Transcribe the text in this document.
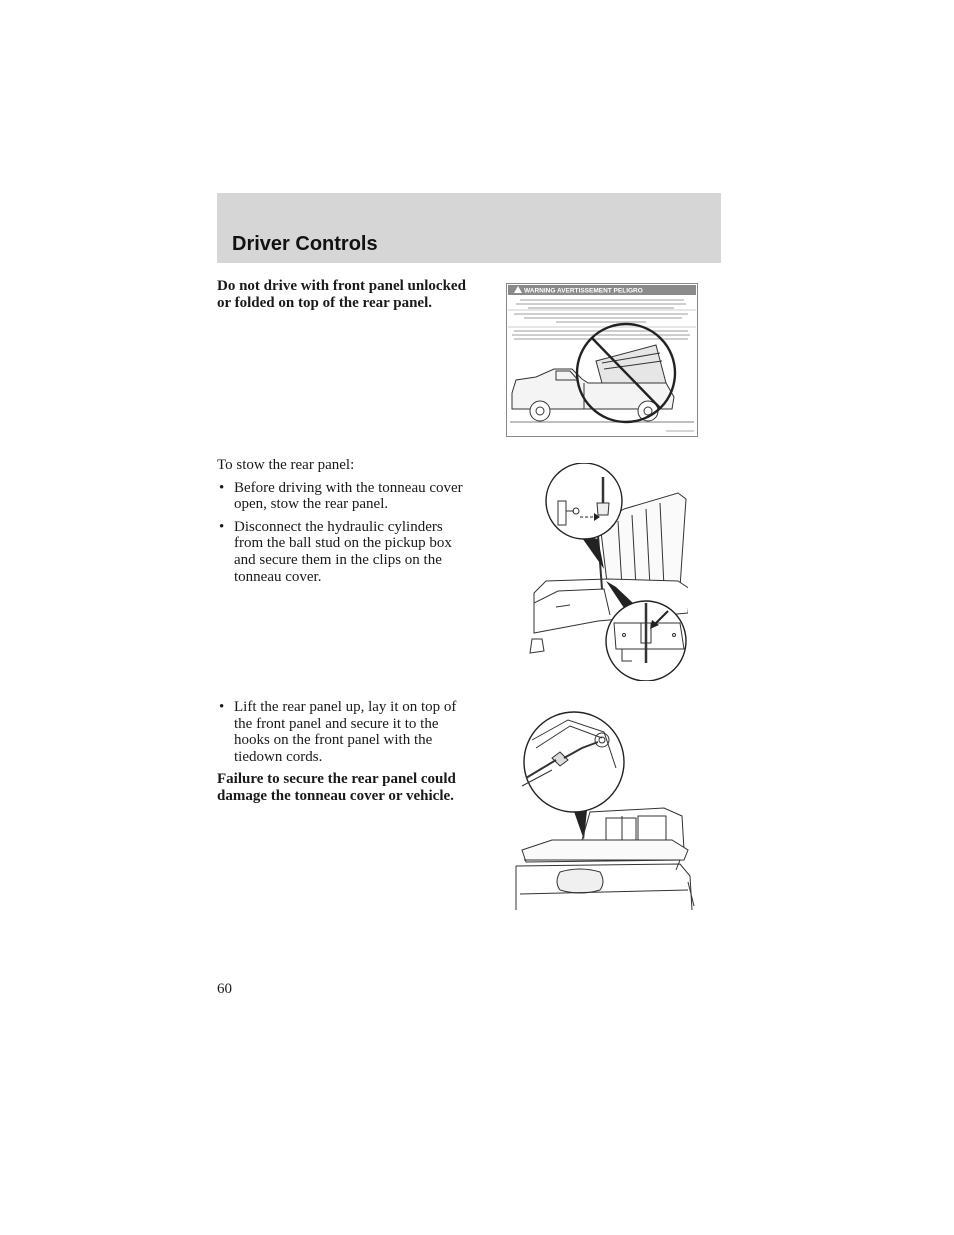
Driver Controls

Do not drive with front panel unlocked or folded on top of the rear panel.

WARNING AVERTISSEMENT PELIGRO

To stow the rear panel:

• Before driving with the tonneau cover open, stow the rear panel.
• Disconnect the hydraulic cylinders from the ball stud on the pickup box and secure them in the clips on the tonneau cover.
• Lift the rear panel up, lay it on top of the front panel and secure it to the hooks on the front panel with the tiedown cords.

Failure to secure the rear panel could damage the tonneau cover or vehicle.

60
